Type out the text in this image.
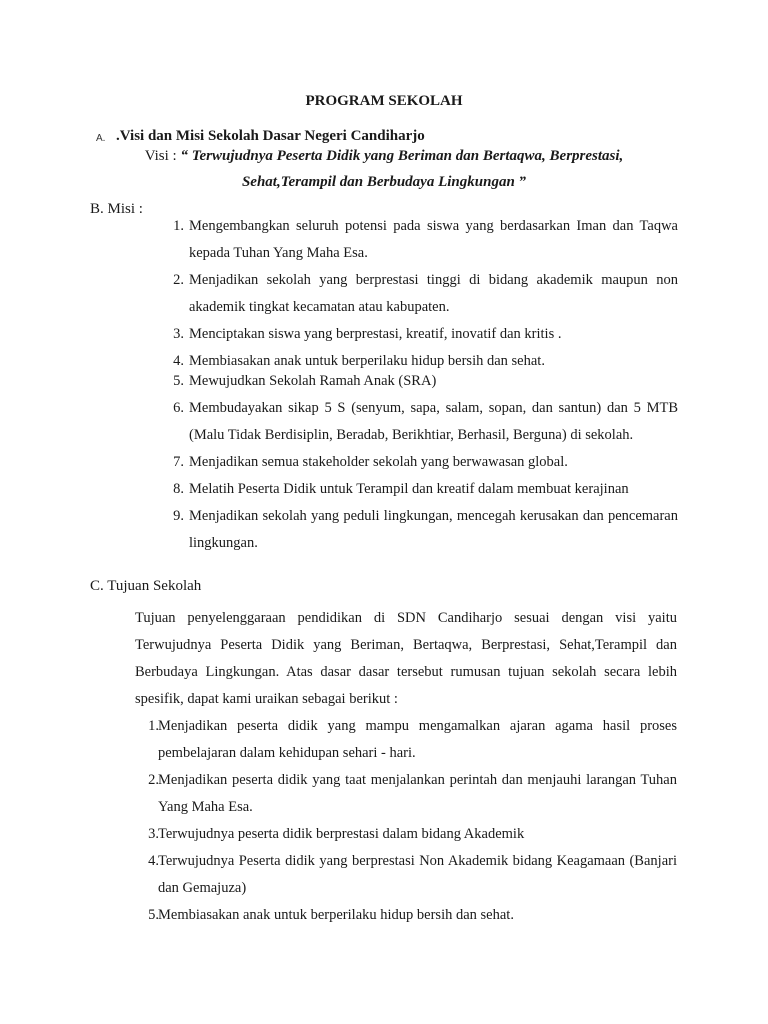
PROGRAM SEKOLAH
A. .Visi dan Misi Sekolah Dasar Negeri Candiharjo
Visi : “ Terwujudnya Peserta Didik yang Beriman dan Bertaqwa, Berprestasi,
Sehat,Terampil dan Berbudaya Lingkungan ”
B. Misi :
1. Mengembangkan seluruh potensi pada siswa yang berdasarkan Iman dan Taqwa kepada Tuhan Yang Maha Esa.
2. Menjadikan sekolah yang berprestasi tinggi di bidang akademik maupun non akademik tingkat kecamatan atau kabupaten.
3. Menciptakan siswa yang berprestasi, kreatif, inovatif dan kritis .
4. Membiasakan anak untuk berperilaku hidup bersih dan sehat.
5. Mewujudkan Sekolah Ramah Anak (SRA)
6. Membudayakan sikap 5 S (senyum, sapa, salam, sopan, dan santun) dan 5 MTB (Malu Tidak Berdisiplin, Beradab, Berikhtiar, Berhasil, Berguna) di sekolah.
7. Menjadikan semua stakeholder sekolah yang berwawasan global.
8. Melatih Peserta Didik untuk Terampil dan kreatif dalam membuat kerajinan
9. Menjadikan sekolah yang peduli lingkungan, mencegah kerusakan dan pencemaran lingkungan.
C. Tujuan Sekolah
Tujuan penyelenggaraan pendidikan di SDN Candiharjo sesuai dengan visi yaitu Terwujudnya Peserta Didik yang Beriman, Bertaqwa, Berprestasi, Sehat,Terampil dan Berbudaya Lingkungan. Atas dasar dasar tersebut rumusan tujuan sekolah secara lebih spesifik, dapat kami uraikan sebagai berikut :
1. Menjadikan peserta didik yang mampu mengamalkan ajaran agama hasil proses pembelajaran dalam kehidupan sehari - hari.
2. Menjadikan peserta didik yang taat menjalankan perintah dan menjauhi larangan Tuhan Yang Maha Esa.
3. Terwujudnya peserta didik berprestasi dalam bidang Akademik
4. Terwujudnya Peserta didik yang berprestasi Non Akademik bidang Keagamaan (Banjari dan Gemajuza)
5. Membiasakan anak untuk berperilaku hidup bersih dan sehat.
